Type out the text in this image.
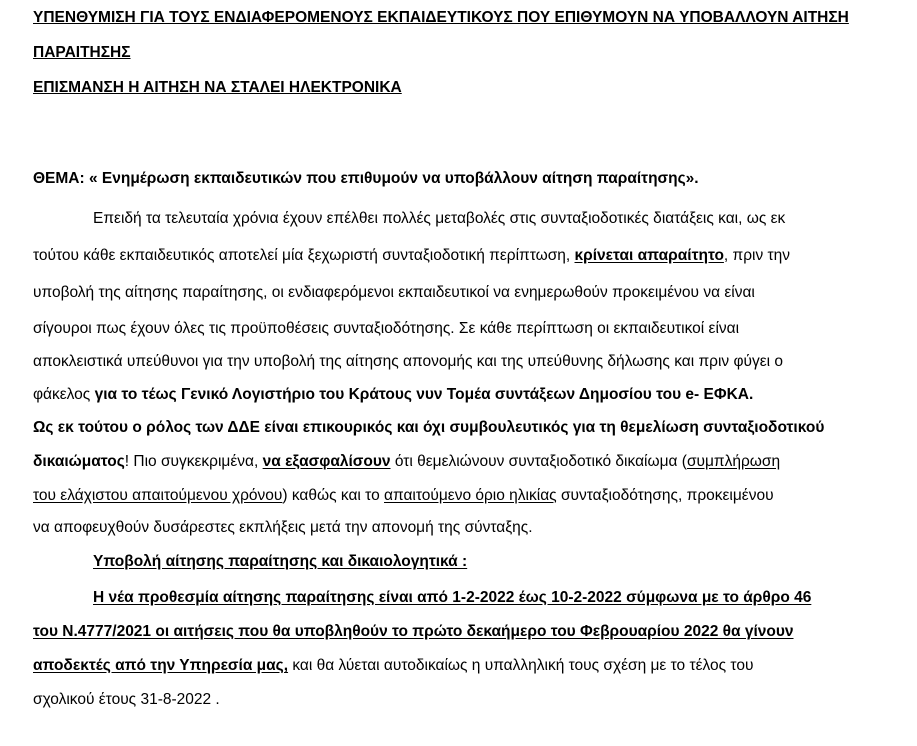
ΥΠΕΝΘΥΜΙΣΗ ΓΙΑ ΤΟΥΣ ΕΝΔΙΑΦΕΡΟΜΕΝΟΥΣ ΕΚΠΑΙΔΕΥΤΙΚΟΥΣ ΠΟΥ ΕΠΙΘΥΜΟΥΝ ΝΑ ΥΠΟΒΑΛΛΟΥΝ ΑΙΤΗΣΗ
ΠΑΡΑΙΤΗΣΗΣ
ΕΠΙΣΜΑΝΣΗ Η ΑΙΤΗΣΗ ΝΑ ΣΤΑΛΕΙ ΗΛΕΚΤΡΟΝΙΚΑ
ΘΕΜΑ: « Ενημέρωση εκπαιδευτικών που επιθυμούν να υποβάλλουν αίτηση παραίτησης».
Επειδή τα τελευταία χρόνια έχουν επέλθει πολλές μεταβολές στις συνταξιοδοτικές διατάξεις και, ως εκ
τούτου κάθε εκπαιδευτικός αποτελεί μία ξεχωριστή συνταξιοδοτική περίπτωση, κρίνεται απαραίτητο, πριν την
υποβολή της αίτησης παραίτησης, οι ενδιαφερόμενοι εκπαιδευτικοί να ενημερωθούν προκειμένου να είναι
σίγουροι πως έχουν όλες τις προϋποθέσεις συνταξιοδότησης. Σε κάθε περίπτωση οι εκπαιδευτικοί είναι
αποκλειστικά υπεύθυνοι για την υποβολή της αίτησης απονομής και της υπεύθυνης δήλωσης και πριν φύγει ο
φάκελος για το τέως Γενικό Λογιστήριο του Κράτους νυν Τομέα συντάξεων Δημοσίου του e- ΕΦΚΑ.
Ως εκ τούτου ο ρόλος των ΔΔΕ είναι επικουρικός και όχι συμβουλευτικός για τη θεμελίωση συνταξιοδοτικού
δικαιώματος! Πιο συγκεκριμένα, να εξασφαλίσουν ότι θεμελιώνουν συνταξιοδοτικό δικαίωμα (συμπλήρωση
του ελάχιστου απαιτούμενου χρόνου) καθώς και το απαιτούμενο όριο ηλικίας συνταξιοδότησης, προκειμένου
να αποφευχθούν δυσάρεστες εκπλήξεις μετά την απονομή της σύνταξης.
Υποβολή αίτησης παραίτησης και δικαιολογητικά :
Η νέα προθεσμία αίτησης παραίτησης είναι από 1-2-2022 έως 10-2-2022 σύμφωνα με το άρθρο 46
του Ν.4777/2021 οι αιτήσεις που θα υποβληθούν το πρώτο δεκαήμερο του Φεβρουαρίου 2022 θα γίνουν
αποδεκτές από την Υπηρεσία μας, και θα λύεται αυτοδικαίως η υπαλληλική τους σχέση με το τέλος του
σχολικού έτους 31-8-2022 .
